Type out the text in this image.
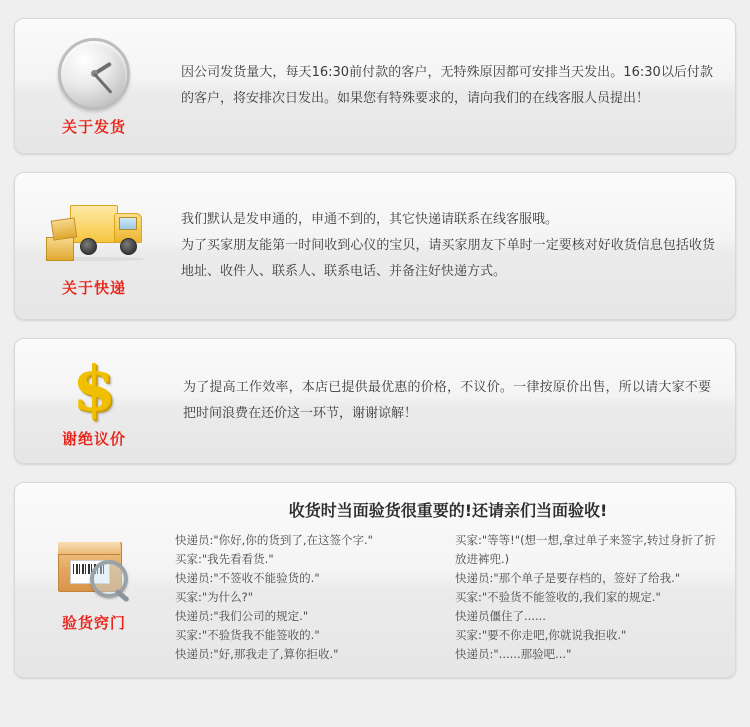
关于发货
因公司发货量大，每天16:30前付款的客户，无特殊原因都可安排当天发出。16:30以后付款的客户，将安排次日发出。如果您有特殊要求的，请向我们的在线客服人员提出！
关于快递
我们默认是发申通的，申通不到的，其它快递请联系在线客服哦。
为了买家朋友能第一时间收到心仪的宝贝，请买家朋友下单时一定要核对好收货信息包括收货地址、收件人、联系人、联系电话、并备注好快递方式。
$
谢绝议价
为了提高工作效率，本店已提供最优惠的价格，不议价。一律按原价出售，所以请大家不要把时间浪费在还价这一环节，谢谢谅解！
验货窍门
收货时当面验货很重要的!还请亲们当面验收!
快递员:"你好,你的货到了,在这签个字."
买家:"我先看看货."
快递员:"不签收不能验货的."
买家:"为什么?"
快递员:"我们公司的规定."
买家:"不验货我不能签收的."
快递员:"好,那我走了,算你拒收."
买家:"等等!"(想一想,拿过单子来签字,转过身折了折放进裤兜.)
快递员:"那个单子是要存档的，签好了给我."
买家:"不验货不能签收的,我们家的规定."
快递员僵住了......
买家:"要不你走吧,你就说我拒收."
快递员:"......那验吧..."
